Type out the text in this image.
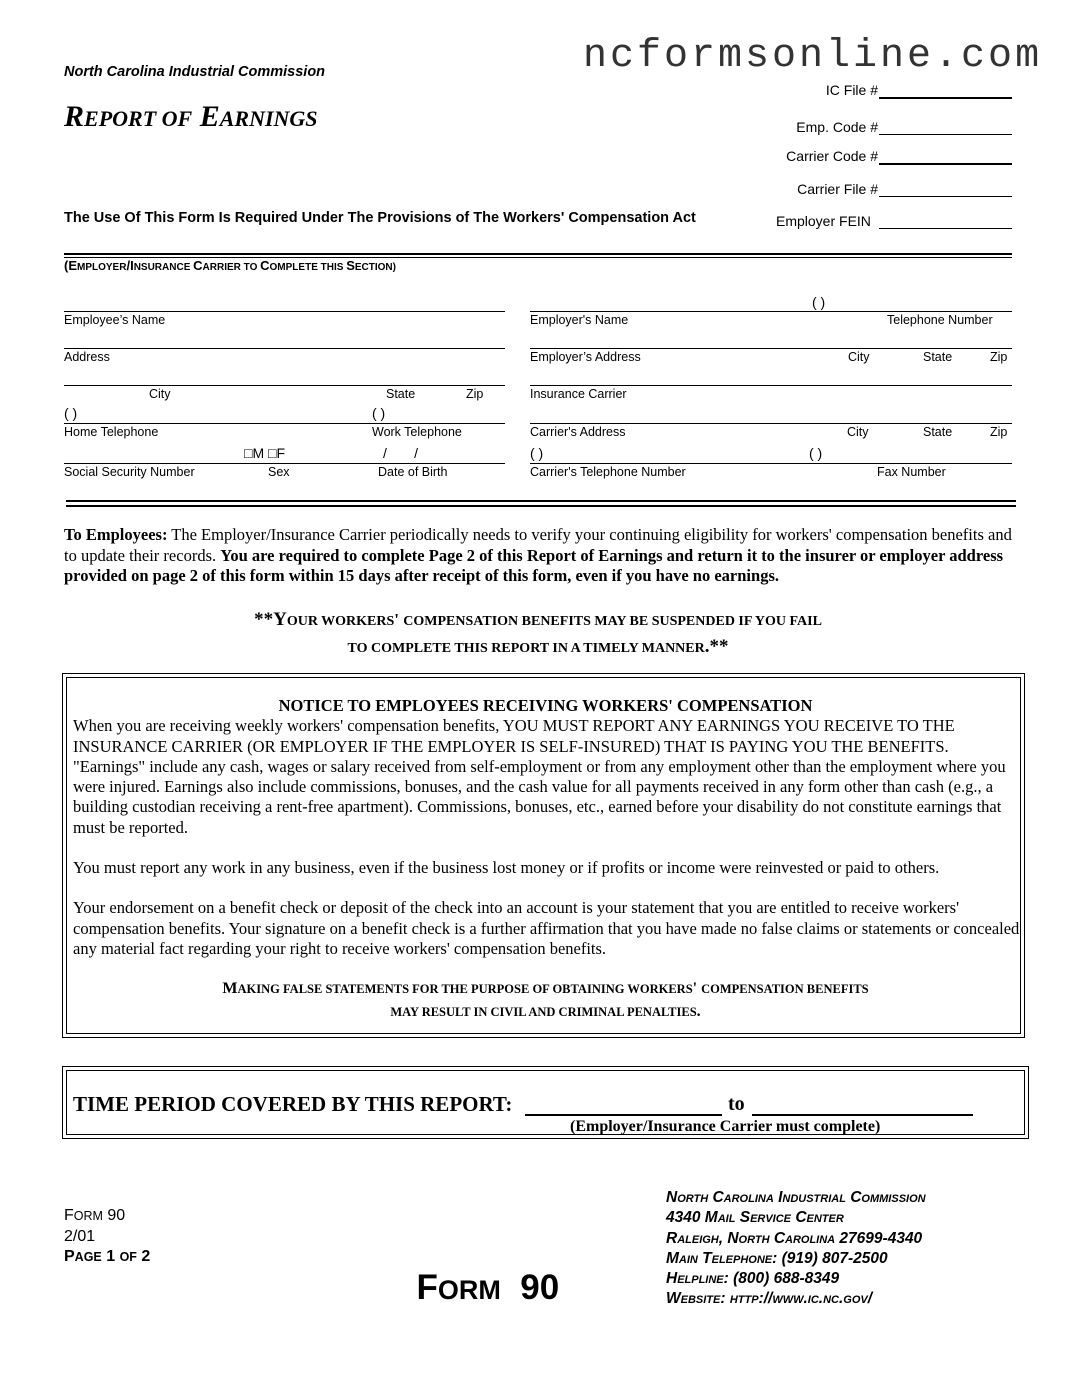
ncformsonline.com
North Carolina Industrial Commission
REPORT OF EARNINGS
IC File #
Emp. Code #
Carrier Code #
Carrier File #
Employer FEIN
The Use Of This Form Is Required Under The Provisions of The Workers' Compensation Act
(EMPLOYER/INSURANCE CARRIER TO COMPLETE THIS SECTION)
Employee’s Name
Address
City	State	Zip
( )	( )
Home Telephone	Work Telephone
□M □F	/       /
Social Security Number	Sex	Date of Birth
( )
Employer's Name	Telephone Number
Employer’s Address	City	State	Zip
Insurance Carrier
Carrier's Address	City	State	Zip
( )	( )
Carrier's Telephone Number	Fax Number
To Employees: The Employer/Insurance Carrier periodically needs to verify your continuing eligibility for workers' compensation benefits and to update their records. You are required to complete Page 2 of this Report of Earnings and return it to the insurer or employer address provided on page 2 of this form within 15 days after receipt of this form, even if you have no earnings.
**YOUR WORKERS' COMPENSATION BENEFITS MAY BE SUSPENDED IF YOU FAIL
TO COMPLETE THIS REPORT IN A TIMELY MANNER.**
NOTICE TO EMPLOYEES RECEIVING WORKERS' COMPENSATION

When you are receiving weekly workers' compensation benefits, YOU MUST REPORT ANY EARNINGS YOU RECEIVE TO THE INSURANCE CARRIER (OR EMPLOYER IF THE EMPLOYER IS SELF-INSURED) THAT IS PAYING YOU THE BENEFITS. "Earnings" include any cash, wages or salary received from self-employment or from any employment other than the employment where you were injured. Earnings also include commissions, bonuses, and the cash value for all payments received in any form other than cash (e.g., a building custodian receiving a rent-free apartment). Commissions, bonuses, etc., earned before your disability do not constitute earnings that must be reported.

You must report any work in any business, even if the business lost money or if profits or income were reinvested or paid to others.

Your endorsement on a benefit check or deposit of the check into an account is your statement that you are entitled to receive workers' compensation benefits. Your signature on a benefit check is a further affirmation that you have made no false claims or statements or concealed any material fact regarding your right to receive workers' compensation benefits.

MAKING FALSE STATEMENTS FOR THE PURPOSE OF OBTAINING WORKERS' COMPENSATION BENEFITS
MAY RESULT IN CIVIL AND CRIMINAL PENALTIES.
TIME PERIOD COVERED BY THIS REPORT:	to
(Employer/Insurance Carrier must complete)
FORM 90
2/01
PAGE 1 OF 2

FORM  90

North Carolina Industrial Commission
4340 Mail Service Center
Raleigh, North Carolina 27699-4340
Main Telephone: (919) 807-2500
Helpline: (800) 688-8349
Website: http://www.ic.nc.gov/
